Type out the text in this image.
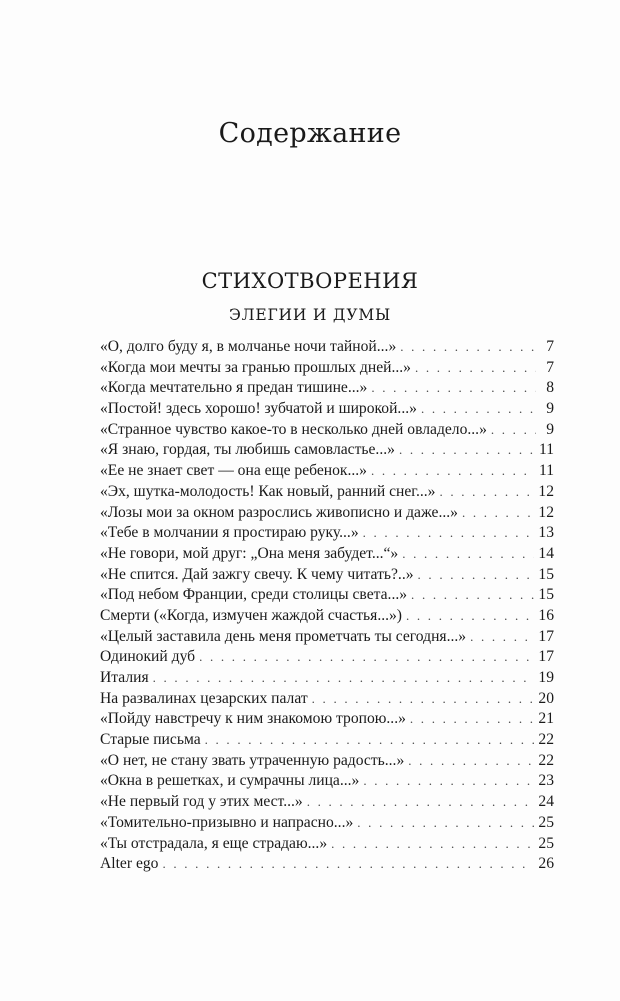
Содержание
СТИХОТВОРЕНИЯ
ЭЛЕГИИ И ДУМЫ
«О, долго буду я, в молчанье ночи тайной...» . . .	7
«Когда мои мечты за гранью прошлых дней...» . . .	7
«Когда мечтательно я предан тишине...» . . .	8
«Постой! здесь хорошо! зубчатой и широкой...» . . .	9
«Странное чувство какое-то в несколько дней овладело...» . . .	9
«Я знаю, гордая, ты любишь самовластье...» . . .	11
«Ее не знает свет — она еще ребенок...» . . .	11
«Эх, шутка-молодость! Как новый, ранний снег...» . . .	12
«Лозы мои за окном разрослись живописно и даже...» . . .	12
«Тебе в молчании я простираю руку...» . . .	13
«Не говори, мой друг: „Она меня забудет...“» . . .	14
«Не спится. Дай зажгу свечу. К чему читать?..» . . .	15
«Под небом Франции, среди столицы света...» . . .	15
Смерти («Когда, измучен жаждой счастья...») . . .	16
«Целый заставила день меня прометчать ты сегодня...» . . .	17
Одинокий дуб . . .	17
Италия . . .	19
На развалинах цезарских палат . . .	20
«Пойду навстречу к ним знакомою тропою...» . . .	21
Старые письма . . .	22
«О нет, не стану звать утраченную радость...» . . .	22
«Окна в решетках, и сумрачны лица...» . . .	23
«Не первый год у этих мест...» . . .	24
«Томительно-призывно и напрасно...» . . .	25
«Ты отстрадала, я еще страдаю...» . . .	25
Alter ego . . .	26
